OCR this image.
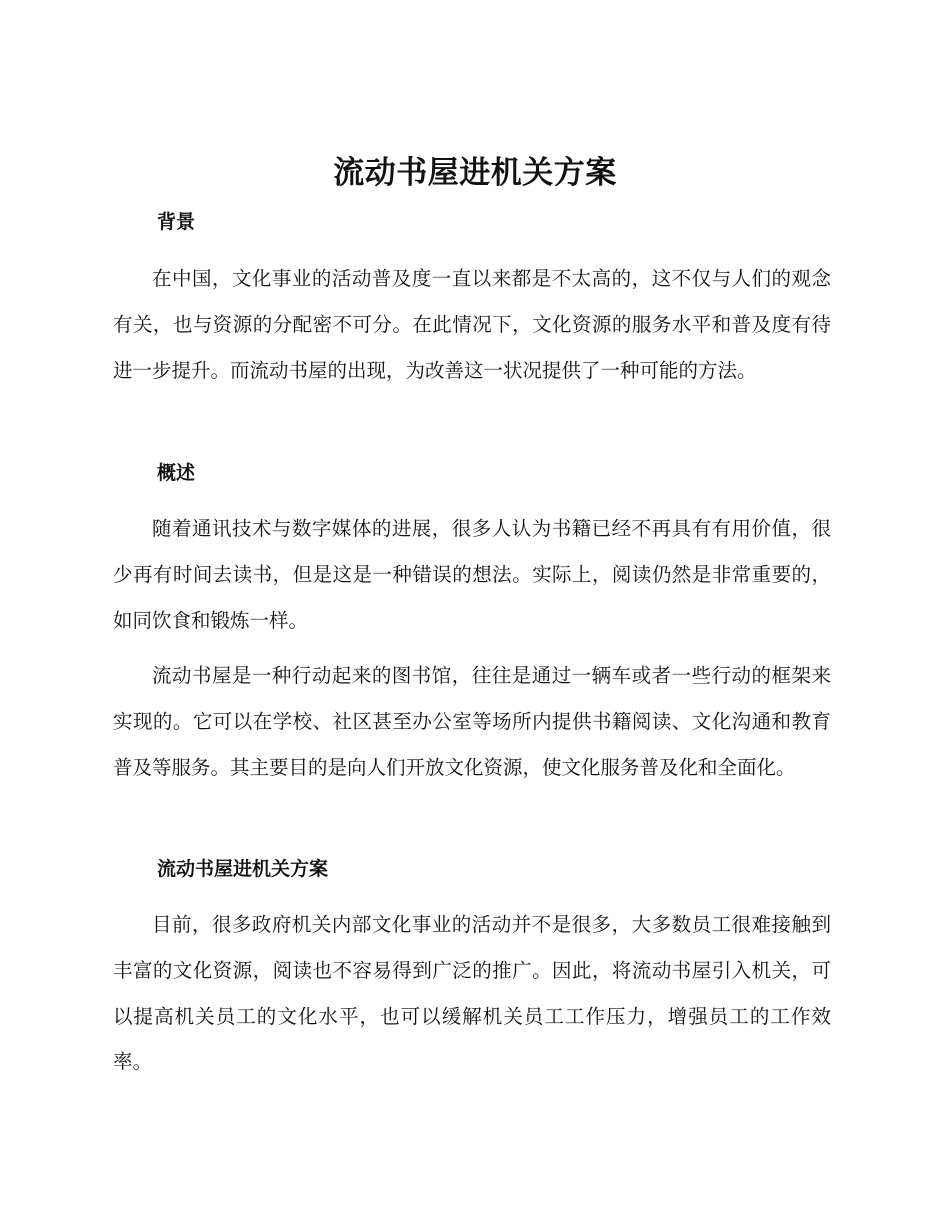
流动书屋进机关方案
背景

在中国，文化事业的活动普及度一直以来都是不太高的，这不仅与人们的观念有关，也与资源的分配密不可分。在此情况下，文化资源的服务水平和普及度有待进一步提升。而流动书屋的出现，为改善这一状况提供了一种可能的方法。

概述

随着通讯技术与数字媒体的进展，很多人认为书籍已经不再具有有用价值，很少再有时间去读书，但是这是一种错误的想法。实际上，阅读仍然是非常重要的，如同饮食和锻炼一样。

流动书屋是一种行动起来的图书馆，往往是通过一辆车或者一些行动的框架来实现的。它可以在学校、社区甚至办公室等场所内提供书籍阅读、文化沟通和教育普及等服务。其主要目的是向人们开放文化资源，使文化服务普及化和全面化。

流动书屋进机关方案

目前，很多政府机关内部文化事业的活动并不是很多，大多数员工很难接触到丰富的文化资源，阅读也不容易得到广泛的推广。因此，将流动书屋引入机关，可以提高机关员工的文化水平，也可以缓解机关员工工作压力，增强员工的工作效率。
